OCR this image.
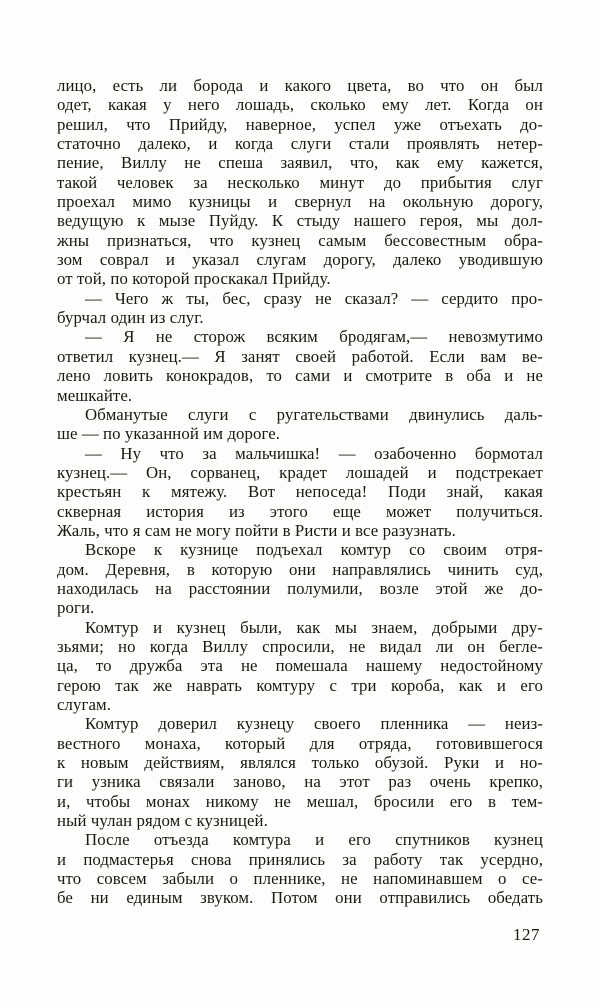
лицо, есть ли борода и какого цвета, во что он был
одет, какая у него лошадь, сколько ему лет. Когда он
решил, что Прийду, наверное, успел уже отъехать до-
статочно далеко, и когда слуги стали проявлять нетер-
пение, Виллу не спеша заявил, что, как ему кажется,
такой человек за несколько минут до прибытия слуг
проехал мимо кузницы и свернул на окольную дорогу,
ведущую к мызе Пуйду. К стыду нашего героя, мы дол-
жны признаться, что кузнец самым бессовестным обра-
зом соврал и указал слугам дорогу, далеко уводившую
от той, по которой проскакал Прийду.
— Чего ж ты, бес, сразу не сказал? — сердито про-
бурчал один из слуг.
— Я не сторож всяким бродягам,— невозмутимо
ответил кузнец.— Я занят своей работой. Если вам ве-
лено ловить конокрадов, то сами и смотрите в оба и не
мешкайте.
Обманутые слуги с ругательствами двинулись даль-
ше — по указанной им дороге.
— Ну что за мальчишка! — озабоченно бормотал
кузнец.— Он, сорванец, крадет лошадей и подстрекает
крестьян к мятежу. Вот непоседа! Поди знай, какая
скверная история из этого еще может получиться.
Жаль, что я сам не могу пойти в Ристи и все разузнать.
Вскоре к кузнице подъехал комтур со своим отря-
дом. Деревня, в которую они направлялись чинить суд,
находилась на расстоянии полумили, возле этой же до-
роги.
Комтур и кузнец были, как мы знаем, добрыми дру-
зьями; но когда Виллу спросили, не видал ли он бегле-
ца, то дружба эта не помешала нашему недостойному
герою так же наврать комтуру с три короба, как и его
слугам.
Комтур доверил кузнецу своего пленника — неиз-
вестного монаха, который для отряда, готовившегося
к новым действиям, являлся только обузой. Руки и но-
ги узника связали заново, на этот раз очень крепко,
и, чтобы монах никому не мешал, бросили его в тем-
ный чулан рядом с кузницей.
После отъезда комтура и его спутников кузнец
и подмастерья снова принялись за работу так усердно,
что совсем забыли о пленнике, не напоминавшем о се-
бе ни единым звуком. Потом они отправились обедать
127
